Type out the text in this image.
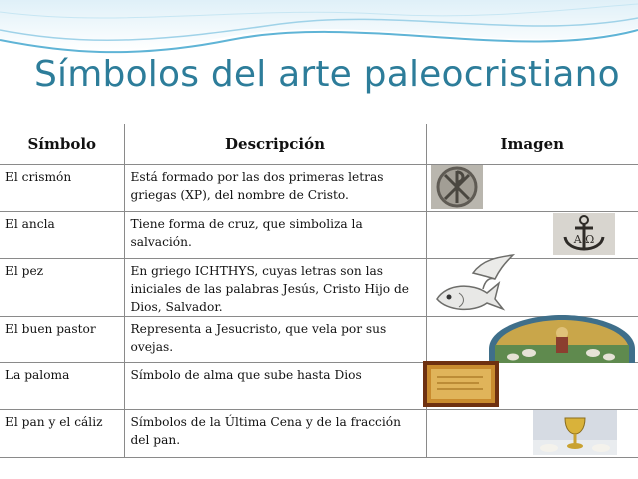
Símbolos del arte paleocristiano
Símbolo	Descripción	Imagen
El crismón	Está formado por las dos primeras letras griegas (XP), del nombre de Cristo.	

El ancla	Tiene forma de cruz, que simboliza la salvación.	A Ω

El pez	En griego ICHTHYS, cuyas letras son las iniciales de las palabras Jesús, Cristo Hijo de Dios, Salvador.	

El buen pastor	Representa a Jesucristo, que vela por sus ovejas.	

La paloma	Símbolo de alma que sube hasta Dios	

El pan y el cáliz	Símbolos de la Última Cena y de la fracción del pan.	
